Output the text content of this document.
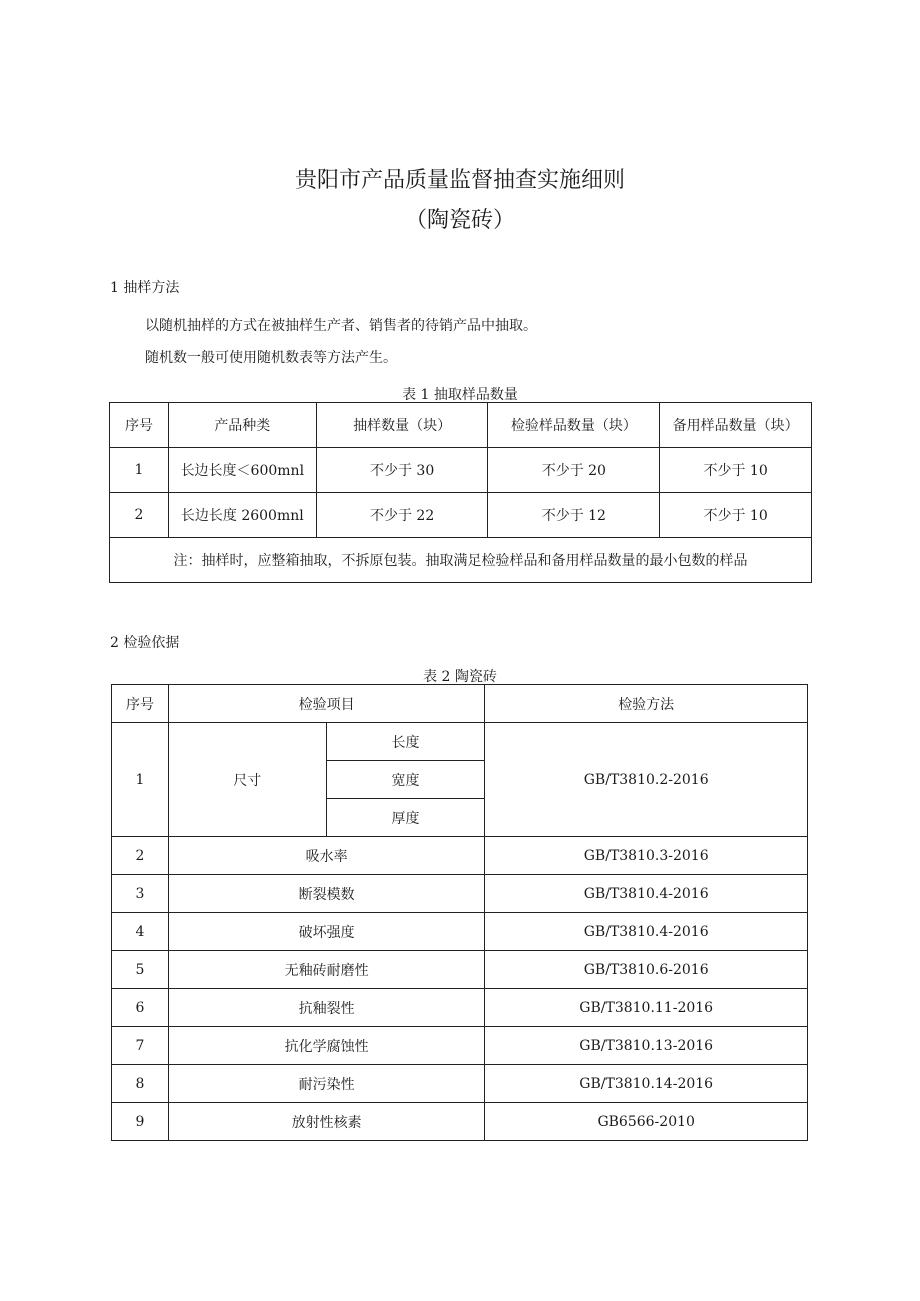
贵阳市产品质量监督抽查实施细则
（陶瓷砖）
1 抽样方法
以随机抽样的方式在被抽样生产者、销售者的待销产品中抽取。
随机数一般可使用随机数表等方法产生。
表 1 抽取样品数量
序号	产品种类	抽样数量（块）	检验样品数量（块）	备用样品数量（块）
1	长边长度＜600mnl	不少于 30	不少于 20	不少于 10
2	长边长度 2600mnl	不少于 22	不少于 12	不少于 10
注：抽样时，应整箱抽取，不拆原包装。抽取满足检验样品和备用样品数量的最小包数的样品				
2 检验依据
表 2 陶瓷砖
序号	检验项目		检验方法
1	尺寸	长度	GB/T3810.2-2016
		宽度	
		厚度	
2	吸水率		GB/T3810.3-2016
3	断裂模数		GB/T3810.4-2016
4	破坏强度		GB/T3810.4-2016
5	无釉砖耐磨性		GB/T3810.6-2016
6	抗釉裂性		GB/T3810.11-2016
7	抗化学腐蚀性		GB/T3810.13-2016
8	耐污染性		GB/T3810.14-2016
9	放射性核素		GB6566-2010
